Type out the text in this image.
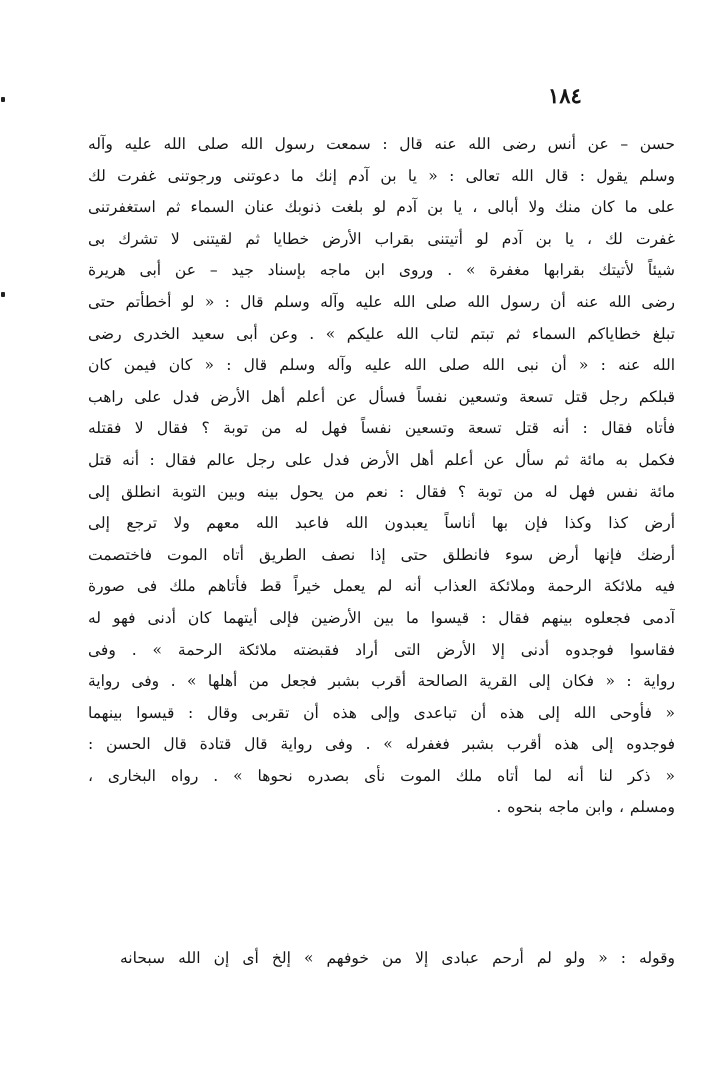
١٨٤
حسن – عن أنس رضى الله عنه قال : سمعت رسول الله صلى الله عليه وآله
وسلم يقول : قال الله تعالى : « يا بن آدم إنك ما دعوتنى ورجوتنى غفرت لك
على ما كان منك ولا أبالى ، يا بن آدم لو بلغت ذنوبك عنان السماء ثم استغفرتنى
غفرت لك ، يا بن آدم لو أتيتنى بقراب الأرض خطايا ثم لقيتنى لا تشرك بى
شيئاً لأتيتك بقرابها مغفرة » . وروى ابن ماجه بإسناد جيد – عن أبى هريرة
رضى الله عنه أن رسول الله صلى الله عليه وآله وسلم قال : « لو أخطأتم حتى
تبلغ خطاياكم السماء ثم تبتم لتاب الله عليكم » . وعن أبى سعيد الخدرى رضى
الله عنه : « أن نبى الله صلى الله عليه وآله وسلم قال : « كان فيمن كان
قبلكم رجل قتل تسعة وتسعين نفساً فسأل عن أعلم أهل الأرض فدل على راهب
فأتاه فقال : أنه قتل تسعة وتسعين نفساً فهل له من توبة ؟ فقال لا فقتله
فكمل به مائة ثم سأل عن أعلم أهل الأرض فدل على رجل عالم فقال : أنه قتل
مائة نفس فهل له من توبة ؟ فقال : نعم من يحول بينه وبين التوبة انطلق إلى
أرض كذا وكذا فإن بها أناساً يعبدون الله فاعبد الله معهم ولا ترجع إلى
أرضك فإنها أرض سوء فانطلق حتى إذا نصف الطريق أتاه الموت فاختصمت
فيه ملائكة الرحمة وملائكة العذاب أنه لم يعمل خيراً قط فأتاهم ملك فى صورة
آدمى فجعلوه بينهم فقال : قيسوا ما بين الأرضين فإلى أيتهما كان أدنى فهو له
فقاسوا فوجدوه أدنى إلا الأرض التى أراد فقبضته ملائكة الرحمة » . وفى
رواية : « فكان إلى القرية الصالحة أقرب بشبر فجعل من أهلها » . وفى رواية
« فأوحى الله إلى هذه أن تباعدى وإلى هذه أن تقربى وقال : قيسوا بينهما
فوجدوه إلى هذه أقرب بشبر فغفرله » . وفى رواية قال قتادة قال الحسن :
« ذكر لنا أنه لما أتاه ملك الموت نأى بصدره نحوها » . رواه البخارى ،
ومسلم ، وابن ماجه بنحوه .
وقوله : « ولو لم أرحم عبادى إلا من خوفهم » إلخ أى إن الله سبحانه
